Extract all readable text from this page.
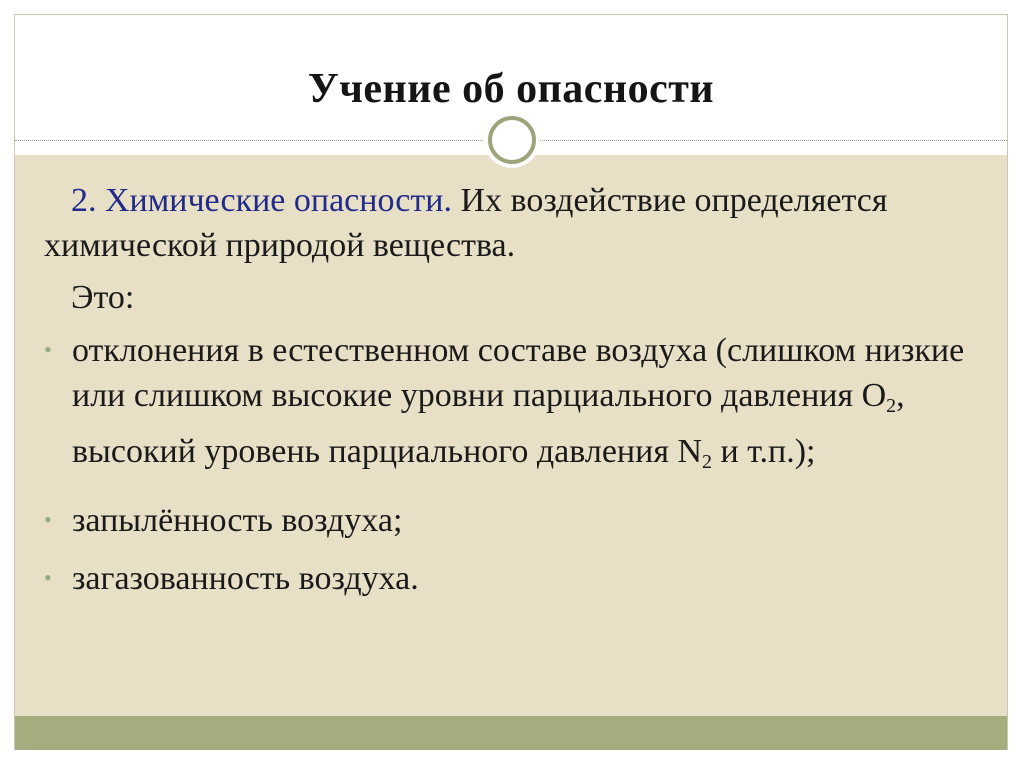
Учение об опасности

2. Химические опасности. Их воздействие определяется химической природой вещества.

Это:

• отклонения в естественном составе воздуха (слишком низкие или слишком высокие уровни парциального давления $О_2$, высокий уровень парциального давления $N_2$ и т.п.);
• запылённость воздуха;
• загазованность воздуха.
